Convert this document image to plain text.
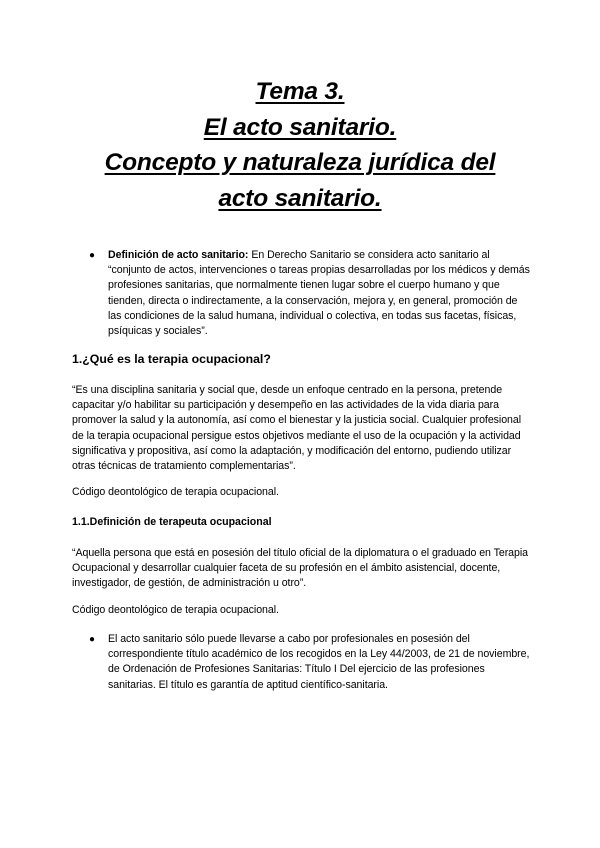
Tema 3.
El acto sanitario.
Concepto y naturaleza jurídica del
acto sanitario.
● Definición de acto sanitario: En Derecho Sanitario se considera acto sanitario al “conjunto de actos, intervenciones o tareas propias desarrolladas por los médicos y demás profesiones sanitarias, que normalmente tienen lugar sobre el cuerpo humano y que tienden, directa o indirectamente, a la conservación, mejora y, en general, promoción de las condiciones de la salud humana, individual o colectiva, en todas sus facetas, físicas, psíquicas y sociales”.
1.¿Qué es la terapia ocupacional?
“Es una disciplina sanitaria y social que, desde un enfoque centrado en la persona, pretende capacitar y/o habilitar su participación y desempeño en las actividades de la vida diaria para promover la salud y la autonomía, así como el bienestar y la justicia social. Cualquier profesional de la terapia ocupacional persigue estos objetivos mediante el uso de la ocupación y la actividad significativa y propositiva, así como la adaptación, y modificación del entorno, pudiendo utilizar otras técnicas de tratamiento complementarias”.
Código deontológico de terapia ocupacional.
1.1.Definición de terapeuta ocupacional
“Aquella persona que está en posesión del título oficial de la diplomatura o el graduado en Terapia Ocupacional y desarrollar cualquier faceta de su profesión en el ámbito asistencial, docente, investigador, de gestión, de administración u otro”.
Código deontológico de terapia ocupacional.
● El acto sanitario sólo puede llevarse a cabo por profesionales en posesión del correspondiente título académico de los recogidos en la Ley 44/2003, de 21 de noviembre, de Ordenación de Profesiones Sanitarias: Título I Del ejercicio de las profesiones sanitarias. El título es garantía de aptitud científico-sanitaria.
